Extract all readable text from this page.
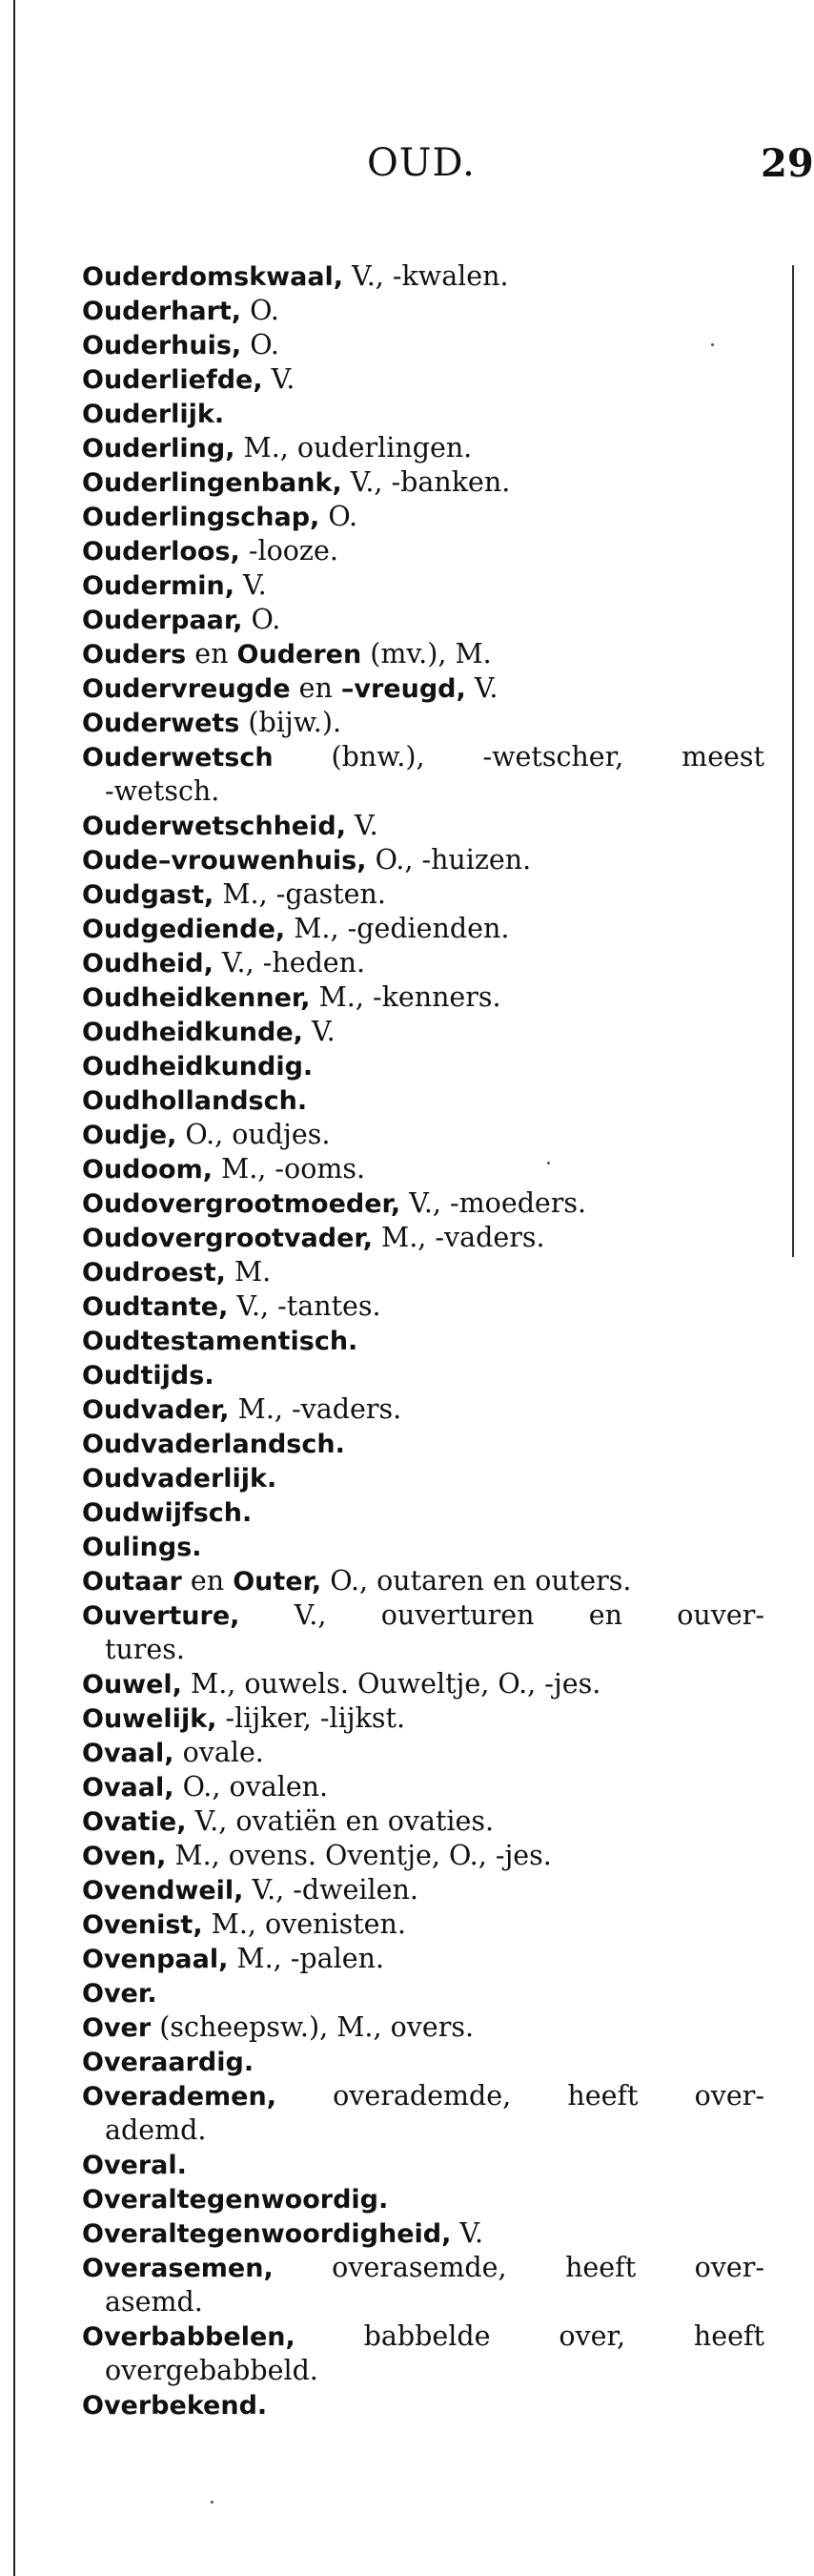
OUD.	29
Ouderdomskwaal, V., -kwalen.
Ouderhart, O.
Ouderhuis, O.
Ouderliefde, V.
Ouderlijk.
Ouderling, M., ouderlingen.
Ouderlingenbank, V., -banken.
Ouderlingschap, O.
Ouderloos, -looze.
Oudermin, V.
Ouderpaar, O.
Ouders en Ouderen (mv.), M.
Oudervreugde en –vreugd, V.
Ouderwets (bijw.).
Ouderwetsch (bnw.), -wetscher, meest
-wetsch.
Ouderwetschheid, V.
Oude–vrouwenhuis, O., -huizen.
Oudgast, M., -gasten.
Oudgediende, M., -gedienden.
Oudheid, V., -heden.
Oudheidkenner, M., -kenners.
Oudheidkunde, V.
Oudheidkundig.
Oudhollandsch.
Oudje, O., oudjes.
Oudoom, M., -ooms.
Oudovergrootmoeder, V., -moeders.
Oudovergrootvader, M., -vaders.
Oudroest, M.
Oudtante, V., -tantes.
Oudtestamentisch.
Oudtijds.
Oudvader, M., -vaders.
Oudvaderlandsch.
Oudvaderlijk.
Oudwijfsch.
Oulings.
Outaar en Outer, O., outaren en outers.
Ouverture, V., ouverturen en ouver-
tures.
Ouwel, M., ouwels. Ouweltje, O., -jes.
Ouwelijk, -lijker, -lijkst.
Ovaal, ovale.
Ovaal, O., ovalen.
Ovatie, V., ovatiën en ovaties.
Oven, M., ovens. Oventje, O., -jes.
Ovendweil, V., -dweilen.
Ovenist, M., ovenisten.
Ovenpaal, M., -palen.
Over.
Over (scheepsw.), M., overs.
Overaardig.
Overademen, overademde, heeft over-
ademd.
Overal.
Overaltegenwoordig.
Overaltegenwoordigheid, V.
Overasemen, overasemde, heeft over-
asemd.
Overbabbelen, babbelde over, heeft
overgebabbeld.
Overbekend.
